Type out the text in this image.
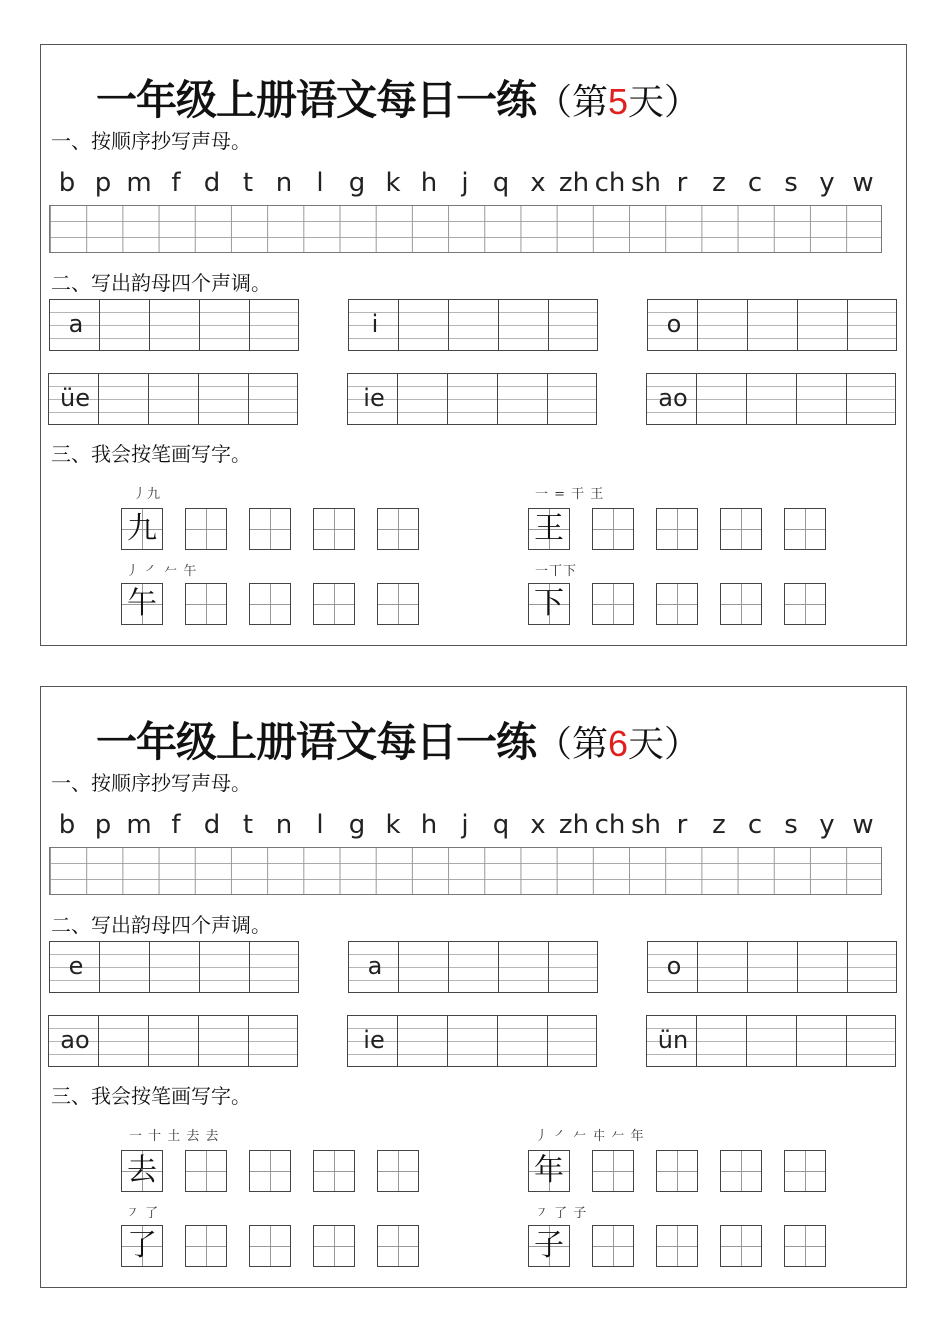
一年级上册语文每日一练（第5天）
一、按顺序抄写声母。
b p m f d t n l g k h j q x zh ch sh r z c s y w
二、写出韵母四个声调。
a	i	o
üe	ie	ao
三、我会按笔画写字。
丿九
九
一 = 干 王
王
丿 ㇒ 𠂉 午
午
一丅下
下
一年级上册语文每日一练（第6天）
一、按顺序抄写声母。
b p m f d t n l g k h j q x zh ch sh r z c s y w
二、写出韵母四个声调。
e	a	o
ao	ie	ün
三、我会按笔画写字。
一 十 土 去 去
去
丿 ㇒ 𠂉 㐄 𠂉 年
年
㇇ 了
了
㇇ 了 子
子
